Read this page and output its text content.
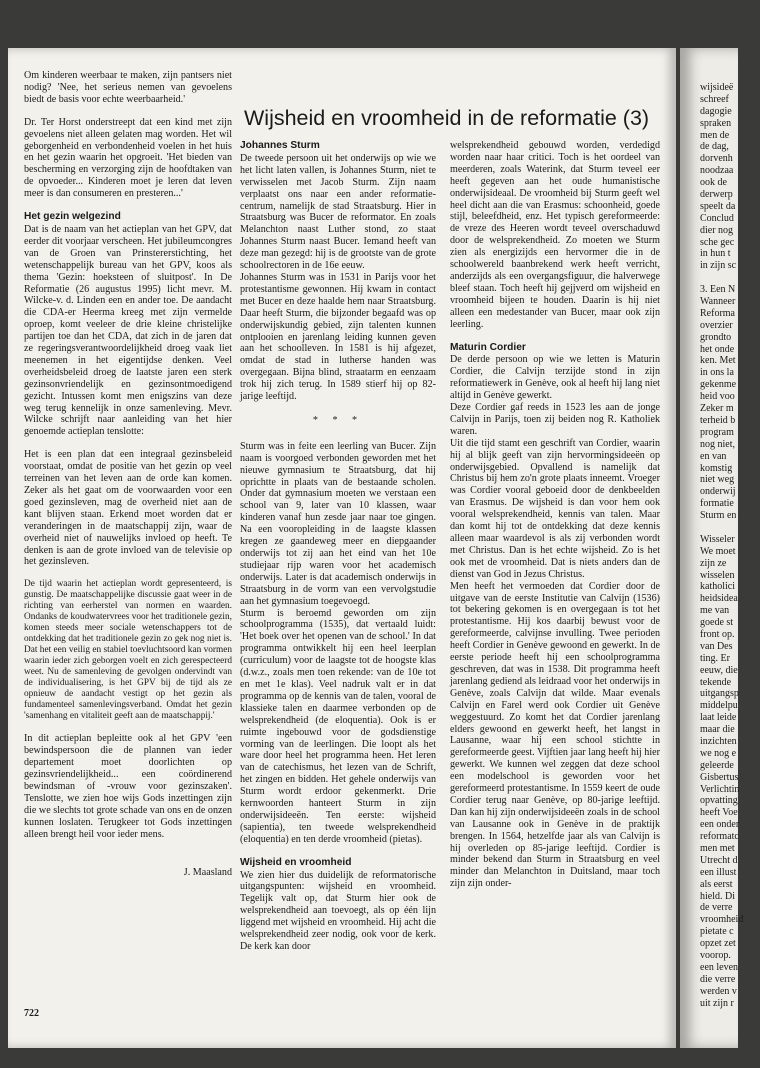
Wijsheid en vroomheid in de reformatie (3)

Om kinderen weerbaar te maken, zijn pantsers niet nodig? 'Nee, het serieus nemen van gevoelens biedt de basis voor echte weerbaarheid.'

Dr. Ter Horst onderstreept dat een kind met zijn gevoelens niet alleen gelaten mag worden. Het wil geborgenheid en verbondenheid voelen in het huis en het gezin waarin het opgroeit. 'Het bieden van bescherming en verzorging zijn de hoofdtaken van de opvoeder... Kinderen moet je leren dat leven meer is dan consumeren en presteren...'

Het gezin welgezind

Dat is de naam van het actieplan van het GPV, dat eerder dit voorjaar verscheen. Het jubileumcongres van de Groen van Prinstererstichting, het wetenschappelijk bureau van het GPV, koos als thema 'Gezin: hoeksteen of sluitpost'. In De Reformatie (26 augustus 1995) licht mevr. M. Wilcke-v. d. Linden een en ander toe. De aandacht die CDA-er Heerma kreeg met zijn vermelde oproep, komt veeleer de drie kleine christelijke partijen toe dan het CDA, dat zich in de jaren dat ze regeringsverantwoordelijkheid droeg vaak liet meenemen in het eigentijdse denken. Veel overheidsbeleid droeg de laatste jaren een sterk gezinsonvriendelijk en gezinsontmoedigend gezicht. Intussen komt men enigszins van deze weg terug kennelijk in onze samenleving. Mevr. Wilcke schrijft naar aanleiding van het hier genoemde actieplan tenslotte:

Het is een plan dat een integraal gezinsbeleid voorstaat, omdat de positie van het gezin op veel terreinen van het leven aan de orde kan komen. Zeker als het gaat om de voorwaarden voor een goed gezinsleven, mag de overheid niet aan de kant blijven staan. Erkend moet worden dat er veranderingen in de maatschappij zijn, waar de overheid niet of nauwelijks invloed op heeft. Te denken is aan de grote invloed van de televisie op het gezinsleven.

De tijd waarin het actieplan wordt gepresenteerd, is gunstig. De maatschappelijke discussie gaat weer in de richting van eerherstel van normen en waarden. Ondanks de koudwatervrees voor het traditionele gezin, komen steeds meer sociale wetenschappers tot de ontdekking dat het traditionele gezin zo gek nog niet is. Dat het een veilig en stabiel toevluchtsoord kan vormen waarin ieder zich geborgen voelt en zich gerespecteerd weet. Nu de samenleving de gevolgen ondervindt van de individualisering, is het GPV bij de tijd als ze opnieuw de aandacht vestigt op het gezin als fundamenteel samenlevingsverband. Omdat het gezin 'samenhang en vitaliteit geeft aan de maatschappij.'

In dit actieplan bepleitte ook al het GPV 'een bewindspersoon die de plannen van ieder departement moet doorlichten op gezinsvriendelijkheid... een coördinerend bewindsman of -vrouw voor gezinszaken'. Tenslotte, we zien hoe wijs Gods inzettingen zijn die we slechts tot grote schade van ons en de onzen kunnen loslaten. Terugkeer tot Gods inzettingen alleen brengt heil voor ieder mens.

J. Maasland
Johannes Sturm

De tweede persoon uit het onderwijs op wie we het licht laten vallen, is Johannes Sturm, niet te verwisselen met Jacob Sturm. Zijn naam verplaatst ons naar een ander reformatie-centrum, namelijk de stad Straatsburg. Hier in Straatsburg was Bucer de reformator. En zoals Melanchton naast Luther stond, zo staat Johannes Sturm naast Bucer. Iemand heeft van deze man gezegd: hij is de grootste van de grote schoolrectoren in de 16e eeuw.

Johannes Sturm was in 1531 in Parijs voor het protestantisme gewonnen. Hij kwam in contact met Bucer en deze haalde hem naar Straatsburg. Daar heeft Sturm, die bijzonder begaafd was op onderwijskundig gebied, zijn talenten kunnen ontplooien en jarenlang leiding kunnen geven aan het schoolleven. In 1581 is hij afgezet, omdat de stad in lutherse handen was overgegaan. Bijna blind, straatarm en eenzaam trok hij zich terug. In 1589 stierf hij op 82-jarige leeftijd.

* * *

Sturm was in feite een leerling van Bucer. Zijn naam is voorgoed verbonden geworden met het nieuwe gymnasium te Straatsburg, dat hij oprichtte in plaats van de bestaande scholen. Onder dat gymnasium moeten we verstaan een school van 9, later van 10 klassen, waar kinderen vanaf hun zesde jaar naar toe gingen. Na een vooropleiding in de laagste klassen kregen ze gaandeweg meer en diepgaander onderwijs tot zij aan het eind van het 10e studiejaar rijp waren voor het academisch onderwijs. Later is dat academisch onderwijs in Straatsburg in de vorm van een vervolgstudie aan het gymnasium toegevoegd.

Sturm is beroemd geworden om zijn schoolprogramma (1535), dat vertaald luidt: 'Het boek over het openen van de school.' In dat programma ontwikkelt hij een heel leerplan (curriculum) voor de laagste tot de hoogste klas (d.w.z., zoals men toen rekende: van de 10e tot en met 1e klas). Veel nadruk valt er in dat programma op de kennis van de talen, vooral de klassieke talen en daarmee verbonden op de welsprekendheid (de eloquentia). Ook is er ruimte ingebouwd voor de godsdienstige vorming van de leerlingen. Die loopt als het ware door heel het programma heen. Het leren van de catechismus, het lezen van de Schrift, het zingen en bidden. Het gehele onderwijs van Sturm wordt erdoor gekenmerkt. Drie kernwoorden hanteert Sturm in zijn onderwijsideeën. Ten eerste: wijsheid (sapientia), ten tweede welsprekendheid (eloquentia) en ten derde vroomheid (pietas).

Wijsheid en vroomheid

We zien hier dus duidelijk de reformatorische uitgangspunten: wijsheid en vroomheid. Tegelijk valt op, dat Sturm hier ook de welsprekendheid aan toevoegt, als op één lijn liggend met wijsheid en vroomheid. Hij acht die welsprekendheid zeer nodig, ook voor de kerk. De kerk kan door

welsprekendheid gebouwd worden, verdedigd worden naar haar critici. Toch is het oordeel van meerderen, zoals Waterink, dat Sturm teveel eer heeft gegeven aan het oude humanistische onderwijsideaal. De vroomheid bij Sturm geeft wel heel dicht aan die van Erasmus: schoonheid, goede stijl, beleefdheid, enz. Het typisch gereformeerde: de vreze des Heeren wordt teveel overschaduwd door de welsprekendheid. Zo moeten we Sturm zien als energizijds een hervormer die in de schoolwereld baanbrekend werk heeft verricht, anderzijds als een overgangsfiguur, die halverwege bleef staan. Toch heeft hij gejjverd om wijsheid en vroomheid bijeen te houden. Daarin is hij niet alleen een medestander van Bucer, maar ook zijn leerling.

Maturin Cordier

De derde persoon op wie we letten is Maturin Cordier, die Calvijn terzijde stond in zijn reformatiewerk in Genève, ook al heeft hij lang niet altijd in Genève gewerkt.

Deze Cordier gaf reeds in 1523 les aan de jonge Calvijn in Parijs, toen zij beiden nog R. Katholiek waren.

Uit die tijd stamt een geschrift van Cordier, waarin hij al blijk geeft van zijn hervormingsideeën op onderwijsgebied. Opvallend is namelijk dat Christus bij hem zo'n grote plaats inneemt. Vroeger was Cordier vooral geboeid door de denkbeelden van Erasmus. De wijsheid is dan voor hem ook vooral welsprekendheid, kennis van talen. Maar dan komt hij tot de ontdekking dat deze kennis alleen maar waardevol is als zij verbonden wordt met Christus. Dan is het echte wijsheid. Zo is het ook met de vroomheid. Dat is niets anders dan de dienst van God in Jezus Christus.

Men heeft het vermoeden dat Cordier door de uitgave van de eerste Institutie van Calvijn (1536) tot bekering gekomen is en overgegaan is tot het protestantisme. Hij kos daarbij bewust voor de gereformeerde, calvijnse invulling. Twee perioden heeft Cordier in Genève gewoond en gewerkt. In de eerste periode heeft hij een schoolprogramma geschreven, dat was in 1538. Dit programma heeft jarenlang gediend als leidraad voor het onderwijs in Genève, zoals Calvijn dat wilde. Maar evenals Calvijn en Farel werd ook Cordier uit Genève weggestuurd. Zo komt het dat Cordier jarenlang elders gewoond en gewerkt heeft, het langst in Lausanne, waar hij een school stichtte in gereformeerde geest. Vijftien jaar lang heeft hij hier gewerkt. We kunnen wel zeggen dat deze school een modelschool is geworden voor het gereformeerd protestantisme. In 1559 keert de oude Cordier terug naar Genève, op 80-jarige leeftijd. Dan kan hij zijn onderwijsideeën zoals in de school van Lausanne ook in Genève in de praktijk brengen. In 1564, hetzelfde jaar als van Calvijn is hij overleden op 85-jarige leeftijd. Cordier is minder bekend dan Sturm in Straatsburg en veel minder dan Melanchton in Duitsland, maar toch zijn zijn onder-

722
wijsideё
schreef
dagogie
spraken
men de
de dag,
dorvenh
noodzaa
ook de
derwerp
speelt da
Conclud
dier nog
sche gec
in hun t
in zijn sc
3. Een N
Wanneer
Reforma
overzier
grondto
het onde
ken. Met
in ons la
gekenme
heid voo
Zeker m
terheid b
program
nog niet,
en van
komstig
niet weg
onderwij
formatie
Sturm en
Wisseler
We moet
zijn ze
wisselen
katholici
heidsidea
me van
goede st
front op.
van Des
ting. Er
eeuw, die
tekende
uitgangsp
middelpu
laat leide
maar die
inzichten
we nog e
geleerde
Gisbertus
Verlichtin
opvatting
heeft Voe
een onder
reformatc
men met
Utrecht d
een illust
als eerst
hield. Di
de verre
vroomheid
pietate c
opzet zet
voorop.
een leven
die verre
werden v
uit zijn r
